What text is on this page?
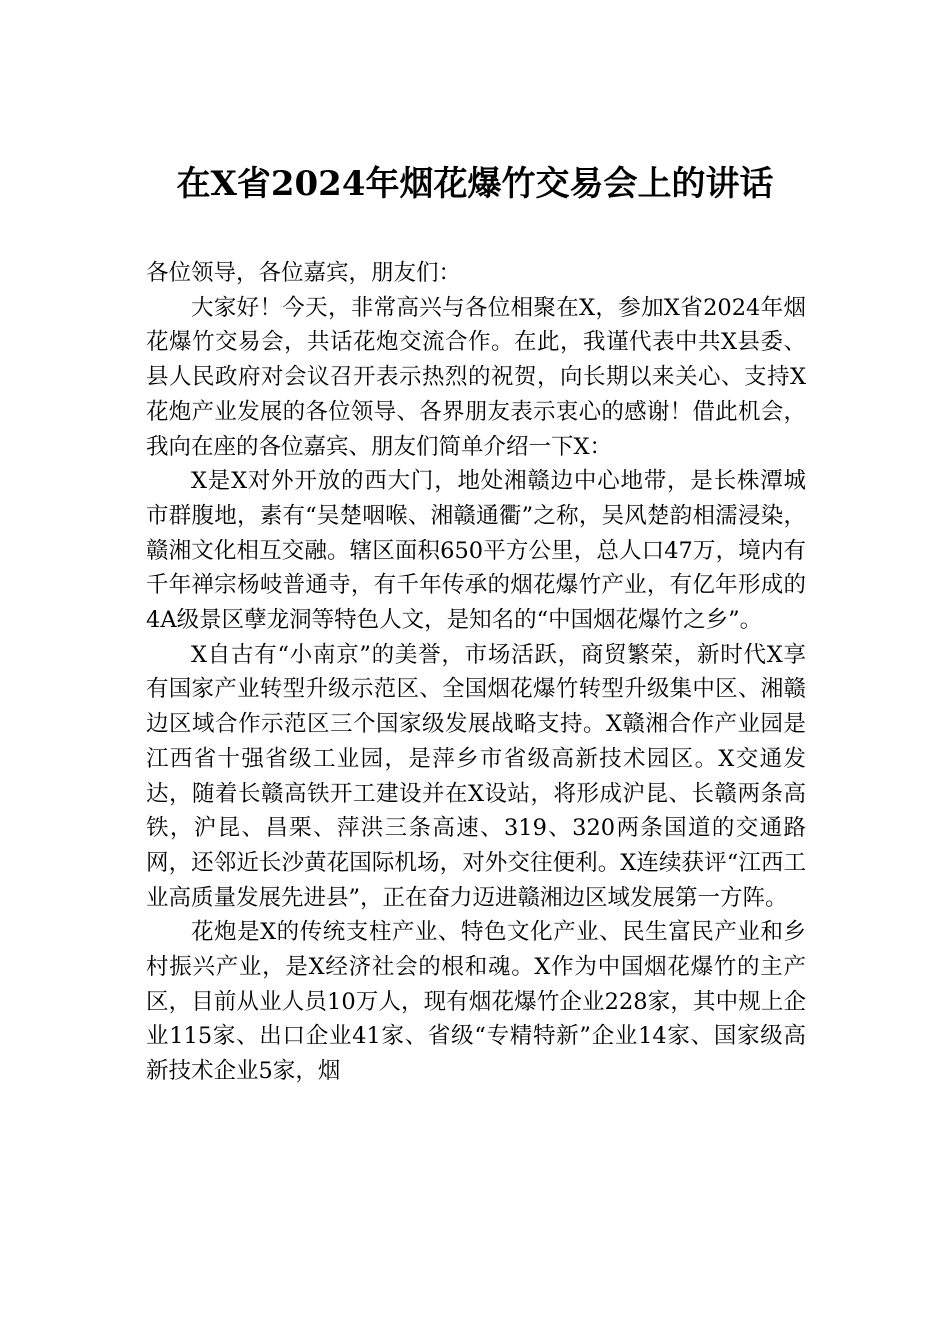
在X省2024年烟花爆竹交易会上的讲话

各位领导，各位嘉宾，朋友们：

大家好！今天，非常高兴与各位相聚在X，参加X省2024年烟花爆竹交易会，共话花炮交流合作。在此，我谨代表中共X县委、县人民政府对会议召开表示热烈的祝贺，向长期以来关心、支持X花炮产业发展的各位领导、各界朋友表示衷心的感谢！借此机会，我向在座的各位嘉宾、朋友们简单介绍一下X：

X是X对外开放的西大门，地处湘赣边中心地带，是长株潭城市群腹地，素有“吴楚咽喉、湘赣通衢”之称，吴风楚韵相濡浸染，赣湘文化相互交融。辖区面积650平方公里，总人口47万，境内有千年禅宗杨岐普通寺，有千年传承的烟花爆竹产业，有亿年形成的4A级景区孽龙洞等特色人文，是知名的“中国烟花爆竹之乡”。

X自古有“小南京”的美誉，市场活跃，商贸繁荣，新时代X享有国家产业转型升级示范区、全国烟花爆竹转型升级集中区、湘赣边区域合作示范区三个国家级发展战略支持。X赣湘合作产业园是江西省十强省级工业园，是萍乡市省级高新技术园区。X交通发达，随着长赣高铁开工建设并在X设站，将形成沪昆、长赣两条高铁，沪昆、昌栗、萍洪三条高速、319、320两条国道的交通路网，还邻近长沙黄花国际机场，对外交往便利。X连续获评“江西工业高质量发展先进县”，正在奋力迈进赣湘边区域发展第一方阵。

花炮是X的传统支柱产业、特色文化产业、民生富民产业和乡村振兴产业，是X经济社会的根和魂。X作为中国烟花爆竹的主产区，目前从业人员10万人，现有烟花爆竹企业228家，其中规上企业115家、出口企业41家、省级“专精特新”企业14家、国家级高新技术企业5家，烟
